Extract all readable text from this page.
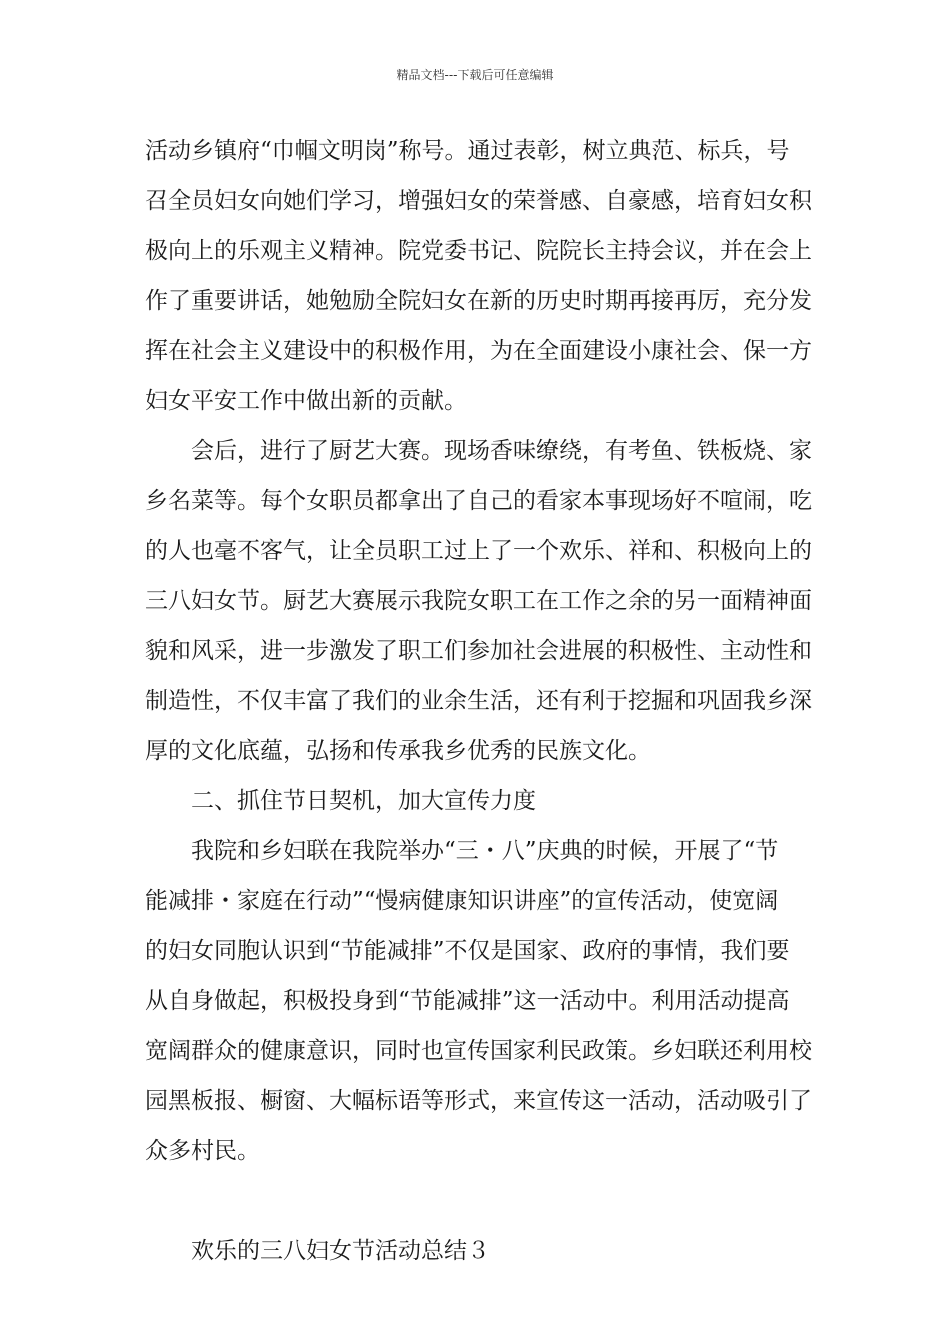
精品文档---下载后可任意编辑
活动乡镇府“巾帼文明岗”称号。通过表彰，树立典范、标兵，号
召全员妇女向她们学习，增强妇女的荣誉感、自豪感，培育妇女积
极向上的乐观主义精神。院党委书记、院院长主持会议，并在会上
作了重要讲话，她勉励全院妇女在新的历史时期再接再厉，充分发
挥在社会主义建设中的积极作用，为在全面建设小康社会、保一方
妇女平安工作中做出新的贡献。
会后，进行了厨艺大赛。现场香味缭绕，有考鱼、铁板烧、家
乡名菜等。每个女职员都拿出了自己的看家本事现场好不喧闹，吃
的人也毫不客气，让全员职工过上了一个欢乐、祥和、积极向上的
三八妇女节。厨艺大赛展示我院女职工在工作之余的另一面精神面
貌和风采，进一步激发了职工们参加社会进展的积极性、主动性和
制造性，不仅丰富了我们的业余生活，还有利于挖掘和巩固我乡深
厚的文化底蕴，弘扬和传承我乡优秀的民族文化。
二、抓住节日契机，加大宣传力度
我院和乡妇联在我院举办“三・八”庆典的时候，开展了“节
能减排・家庭在行动”“慢病健康知识讲座”的宣传活动，使宽阔
的妇女同胞认识到“节能减排”不仅是国家、政府的事情，我们要
从自身做起，积极投身到“节能减排”这一活动中。利用活动提高
宽阔群众的健康意识，同时也宣传国家利民政策。乡妇联还利用校
园黑板报、橱窗、大幅标语等形式，来宣传这一活动，活动吸引了
众多村民。
欢乐的三八妇女节活动总结３
